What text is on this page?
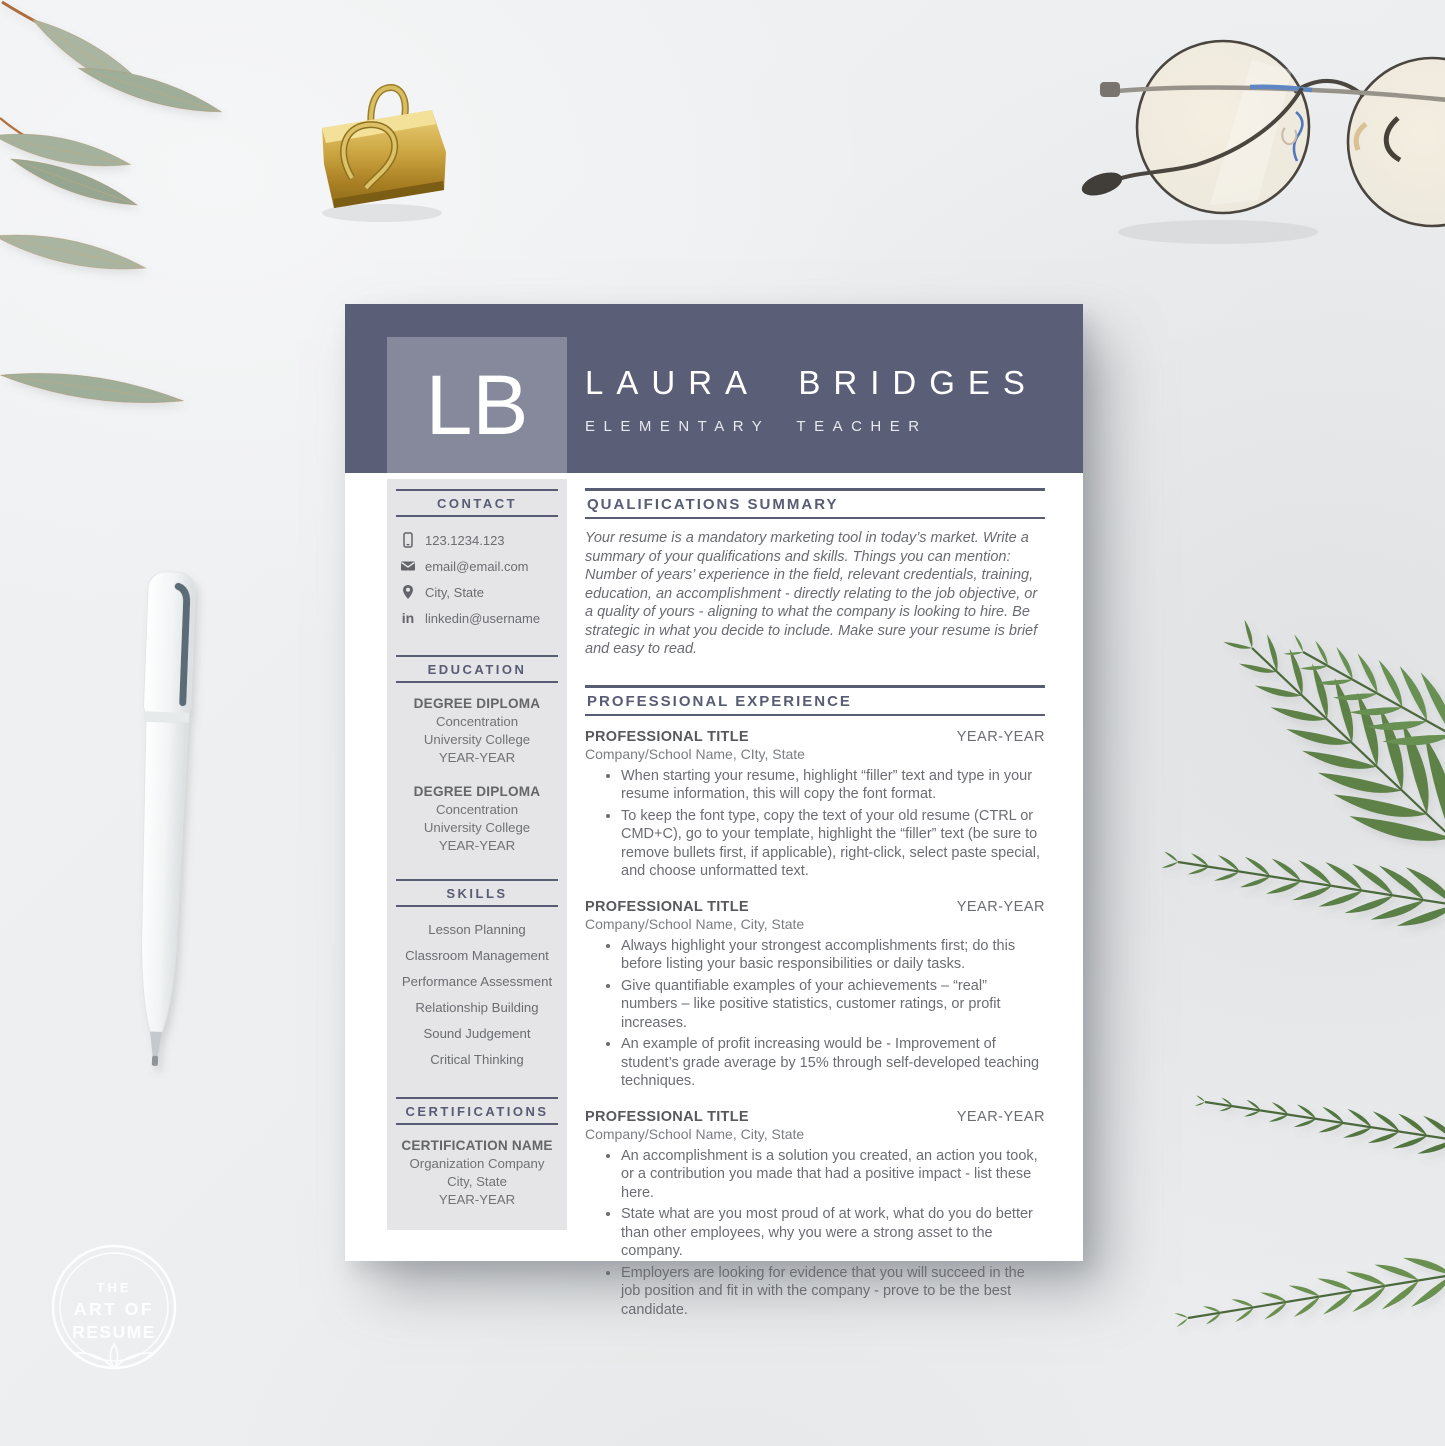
THE
ART OF
RESUME
LB LAURA BRIDGES
ELEMENTARY TEACHER
CONTACT
123.1234.123
email@email.com
City, State
in linkedin@username
EDUCATION
DEGREE DIPLOMA
Concentration
University College
YEAR-YEAR
DEGREE DIPLOMA
Concentration
University College
YEAR-YEAR
SKILLS
Lesson Planning
Classroom Management
Performance Assessment
Relationship Building
Sound Judgement
Critical Thinking
CERTIFICATIONS
CERTIFICATION NAME
Organization Company
City, State
YEAR-YEAR
QUALIFICATIONS SUMMARY

Your resume is a mandatory marketing tool in today’s market. Write a summary of your qualifications and skills. Things you can mention: Number of years’ experience in the field, relevant credentials, training, education, an accomplishment - directly relating to the job objective, or a quality of yours - aligning to what the company is looking to hire. Be strategic in what you decide to include. Make sure your resume is brief and easy to read.

PROFESSIONAL EXPERIENCE
PROFESSIONAL TITLE	YEAR-YEAR
Company/School Name, CIty, State
• When starting your resume, highlight “filler” text and type in your resume information, this will copy the font format.
• To keep the font type, copy the text of your old resume (CTRL or CMD+C), go to your template, highlight the “filler” text (be sure to remove bullets first, if applicable), right-click, select paste special, and choose unformatted text.
PROFESSIONAL TITLE	YEAR-YEAR
Company/School Name, City, State
• Always highlight your strongest accomplishments first; do this before listing your basic responsibilities or daily tasks.
• Give quantifiable examples of your achievements – “real” numbers – like positive statistics, customer ratings, or profit increases.
• An example of profit increasing would be - Improvement of student’s grade average by 15% through self-developed teaching techniques.
PROFESSIONAL TITLE	YEAR-YEAR
Company/School Name, City, State
• An accomplishment is a solution you created, an action you took, or a contribution you made that had a positive impact - list these here.
• State what are you most proud of at work, what do you do better than other employees, why you were a strong asset to the company.
• Employers are looking for evidence that you will succeed in the job position and fit in with the company - prove to be the best candidate.
